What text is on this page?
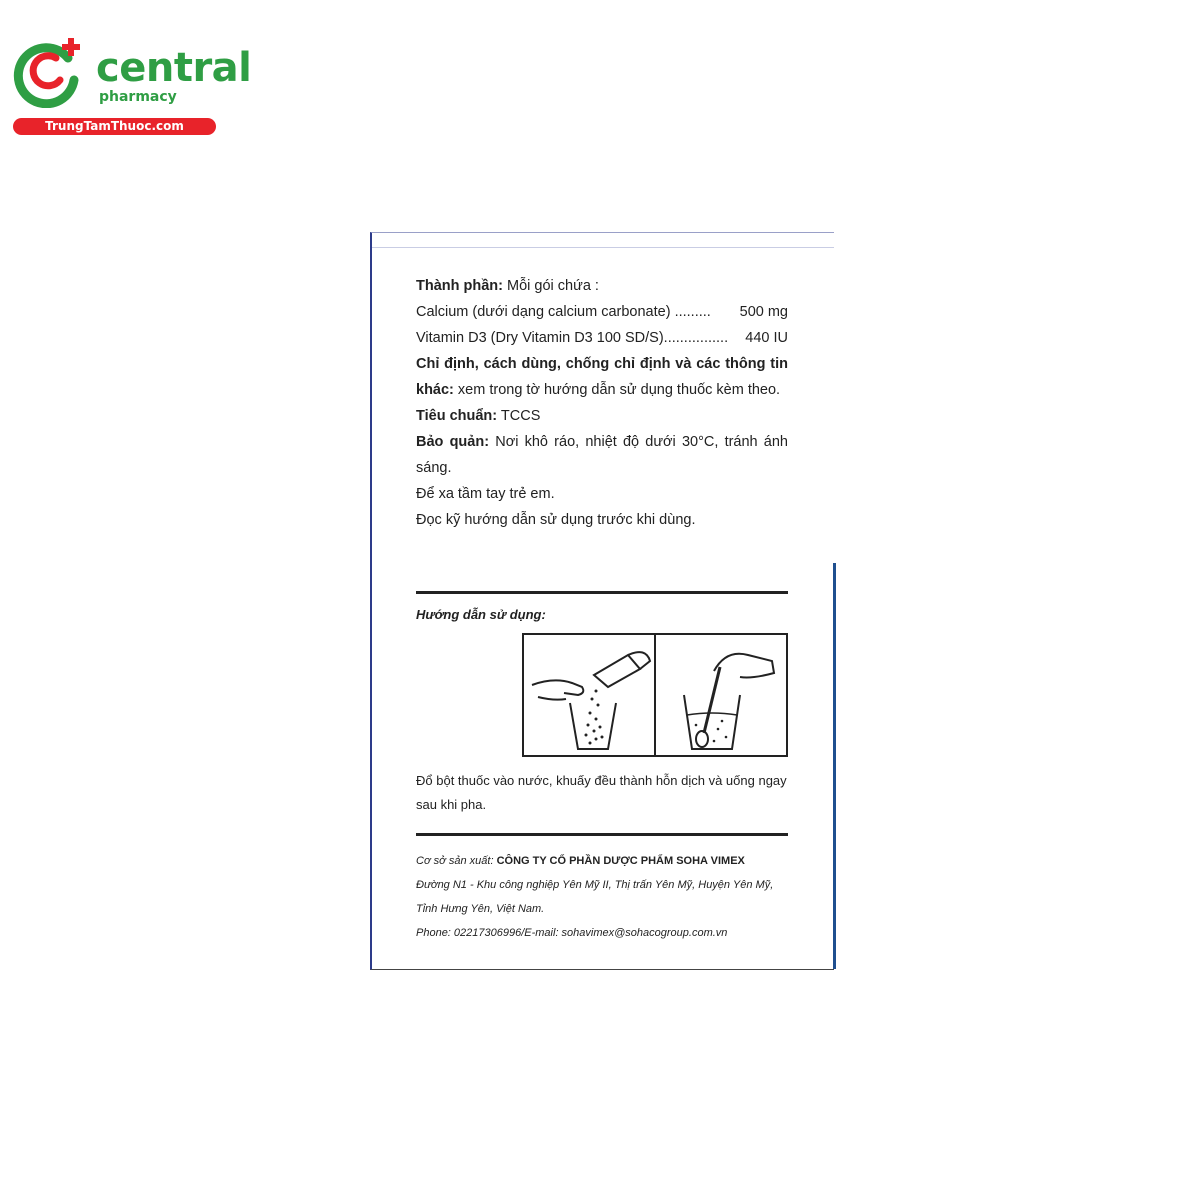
central
pharmacy
TrungTamThuoc.com

Thành phần: Mỗi gói chứa :

Calcium (dưới dạng calcium carbonate) ......... 500 mg
Vitamin D3 (Dry Vitamin D3 100 SD/S)................ 440 IU

Chỉ định, cách dùng, chống chỉ định và các thông tin khác: xem trong tờ hướng dẫn sử dụng thuốc kèm theo.

Tiêu chuẩn: TCCS

Bảo quản: Nơi khô ráo, nhiệt độ dưới 30°C, tránh ánh sáng.

Để xa tầm tay trẻ em.

Đọc kỹ hướng dẫn sử dụng trước khi dùng.

Hướng dẫn sử dụng:
Đổ bột thuốc vào nước, khuấy đều thành hỗn dịch và uống ngay sau khi pha.
Cơ sở sản xuất: CÔNG TY CỔ PHẦN DƯỢC PHẨM SOHA VIMEX
Đường N1 - Khu công nghiệp Yên Mỹ II, Thị trấn Yên Mỹ, Huyện Yên Mỹ, Tỉnh Hưng Yên, Việt Nam.
Phone: 02217306996/E-mail: sohavimex@sohacogroup.com.vn
